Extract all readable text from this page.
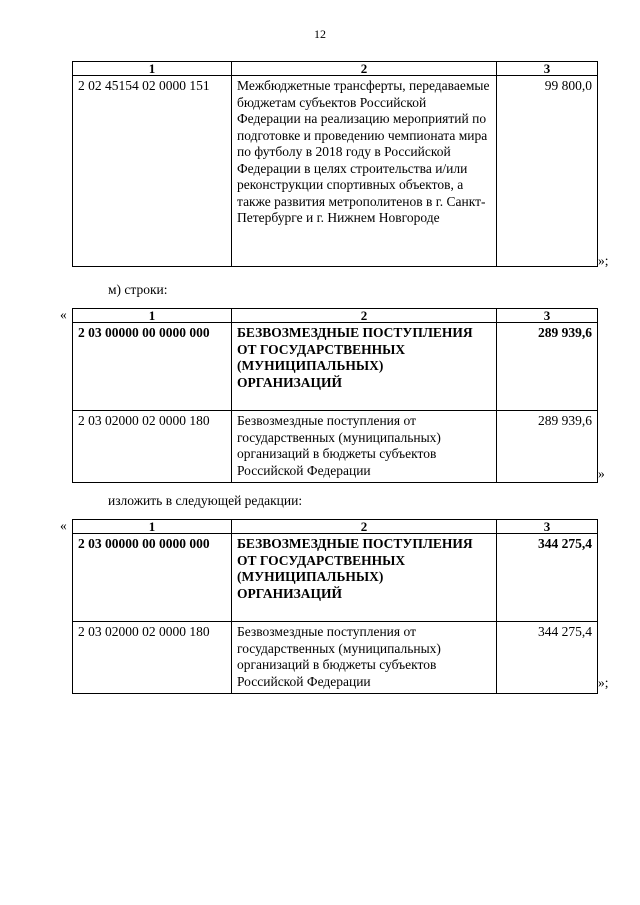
12
1	2	3
2 02 45154 02 0000 151	Межбюджетные трансферты, передаваемые бюджетам субъектов Российской Федерации на реализацию мероприятий по подготовке и проведению чемпионата мира по футболу в 2018 году в Российской Федерации в целях строительства и/или реконструкции спортивных объектов, а также развития метрополитенов в г. Санкт-Петербурге и г. Нижнем Новгороде	99 800,0
»;
м) строки:
«	1	2	3
2 03 00000 00 0000 000	БЕЗВОЗМЕЗДНЫЕ ПОСТУПЛЕНИЯ ОТ ГОСУДАРСТВЕННЫХ (МУНИЦИПАЛЬНЫХ) ОРГАНИЗАЦИЙ	289 939,6
2 03 02000 02 0000 180	Безвозмездные поступления от государственных (муниципальных) организаций в бюджеты субъектов Российской Федерации	289 939,6
»
изложить в следующей редакции:
«	1	2	3
2 03 00000 00 0000 000	БЕЗВОЗМЕЗДНЫЕ ПОСТУПЛЕНИЯ ОТ ГОСУДАРСТВЕННЫХ (МУНИЦИПАЛЬНЫХ) ОРГАНИЗАЦИЙ	344 275,4
2 03 02000 02 0000 180	Безвозмездные поступления от государственных (муниципальных) организаций в бюджеты субъектов Российской Федерации	344 275,4
»;
